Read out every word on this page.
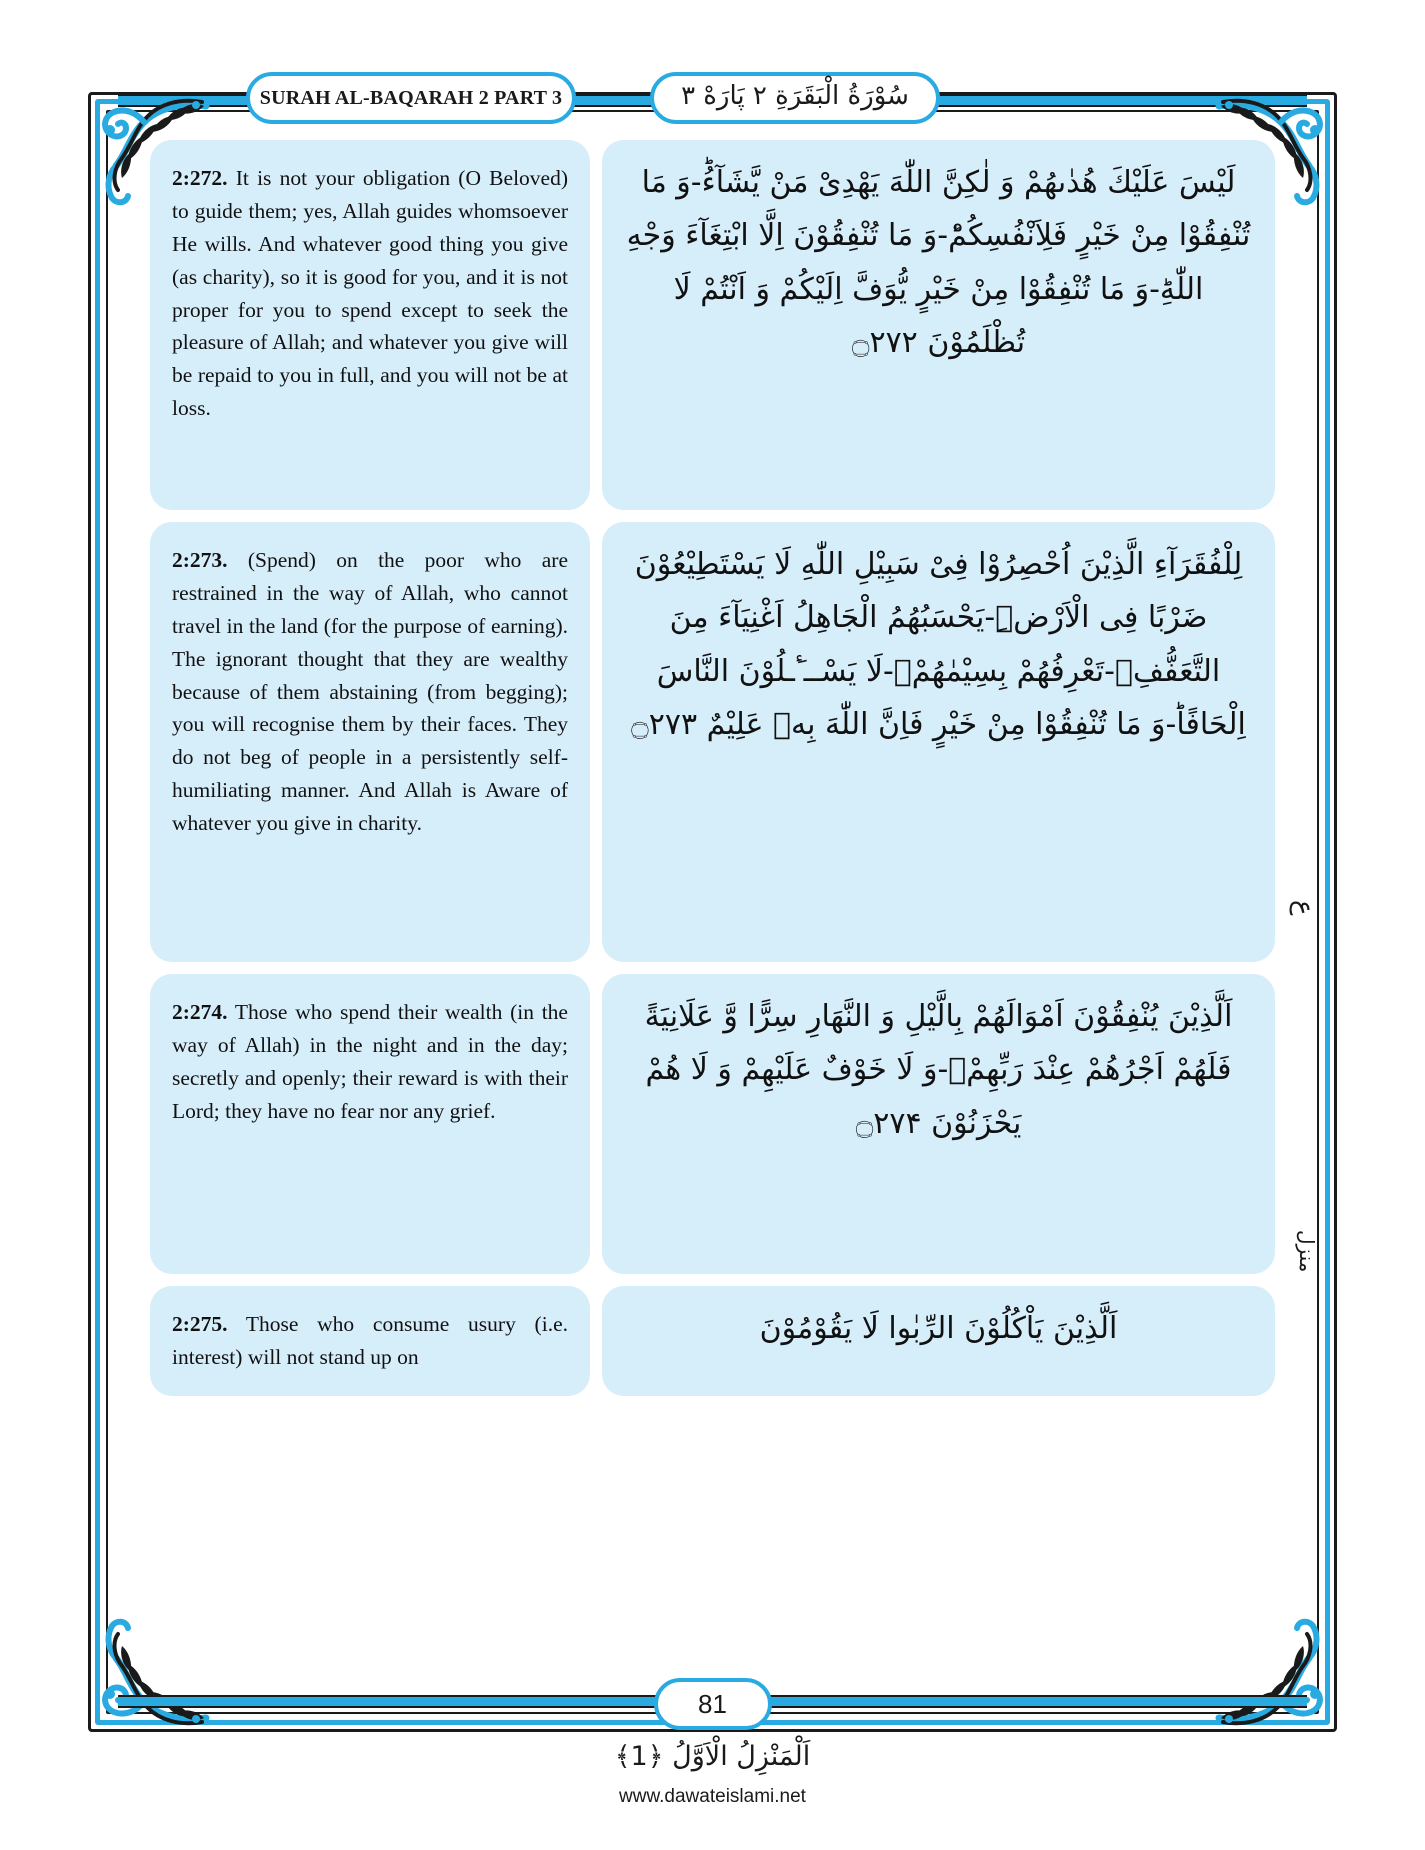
SURAH AL-BAQARAH 2 PART 3	سُوْرَةُ الْبَقَرَةِ ٢ پَارَهْ ٣
2:272. It is not your obligation (O Beloved) to guide them; yes, Allah guides whomsoever He wills. And whatever good thing you give (as charity), so it is good for you, and it is not proper for you to spend except to seek the pleasure of Allah; and whatever you give will be repaid to you in full, and you will not be at loss.
لَیْسَ عَلَیْكَ هُدٰىهُمْ وَ لٰكِنَّ اللّٰهَ یَهْدِیْ مَنْ یَّشَآءُؕ-وَ مَا تُنْفِقُوْا مِنْ خَیْرٍ فَلِاَنْفُسِكُمْؕ-وَ مَا تُنْفِقُوْنَ اِلَّا ابْتِغَآءَ وَجْهِ اللّٰهِؕ-وَ مَا تُنْفِقُوْا مِنْ خَیْرٍ یُّوَفَّ اِلَیْكُمْ وَ اَنْتُمْ لَا تُظْلَمُوْنَ ۝۲۷۲
2:273. (Spend) on the poor who are restrained in the way of Allah, who cannot travel in the land (for the purpose of earning). The ignorant thought that they are wealthy because of them abstaining (from begging); you will recognise them by their faces. They do not beg of people in a persistently self-humiliating manner. And Allah is Aware of whatever you give in charity.
لِلْفُقَرَآءِ الَّذِیْنَ اُحْصِرُوْا فِیْ سَبِیْلِ اللّٰهِ لَا یَسْتَطِیْعُوْنَ ضَرْبًا فِی الْاَرْضِ٘-یَحْسَبُهُمُ الْجَاهِلُ اَغْنِیَآءَ مِنَ التَّعَفُّفِۚ-تَعْرِفُهُمْ بِسِیْمٰهُمْۚ-لَا یَسْــٴَـلُوْنَ النَّاسَ اِلْحَافًاؕ-وَ مَا تُنْفِقُوْا مِنْ خَیْرٍ فَاِنَّ اللّٰهَ بِهٖ عَلِیْمٌ ۝۲۷۳
2:274. Those who spend their wealth (in the way of Allah) in the night and in the day; secretly and openly; their reward is with their Lord; they have no fear nor any grief.
اَلَّذِیْنَ یُنْفِقُوْنَ اَمْوَالَهُمْ بِالَّیْلِ وَ النَّهَارِ سِرًّا وَّ عَلَانِیَةً فَلَهُمْ اَجْرُهُمْ عِنْدَ رَبِّهِمْۚ-وَ لَا خَوْفٌ عَلَیْهِمْ وَ لَا هُمْ یَحْزَنُوْنَ ۝۲۷۴
2:275. Those who consume usury (i.e. interest) will not stand up on
اَلَّذِیْنَ یَاْكُلُوْنَ الرِّبٰوا لَا یَقُوْمُوْنَ
ع
منزل
81
اَلْمَنْزِلُ الْاَوَّلُ ﴿1﴾
www.dawateislami.net
